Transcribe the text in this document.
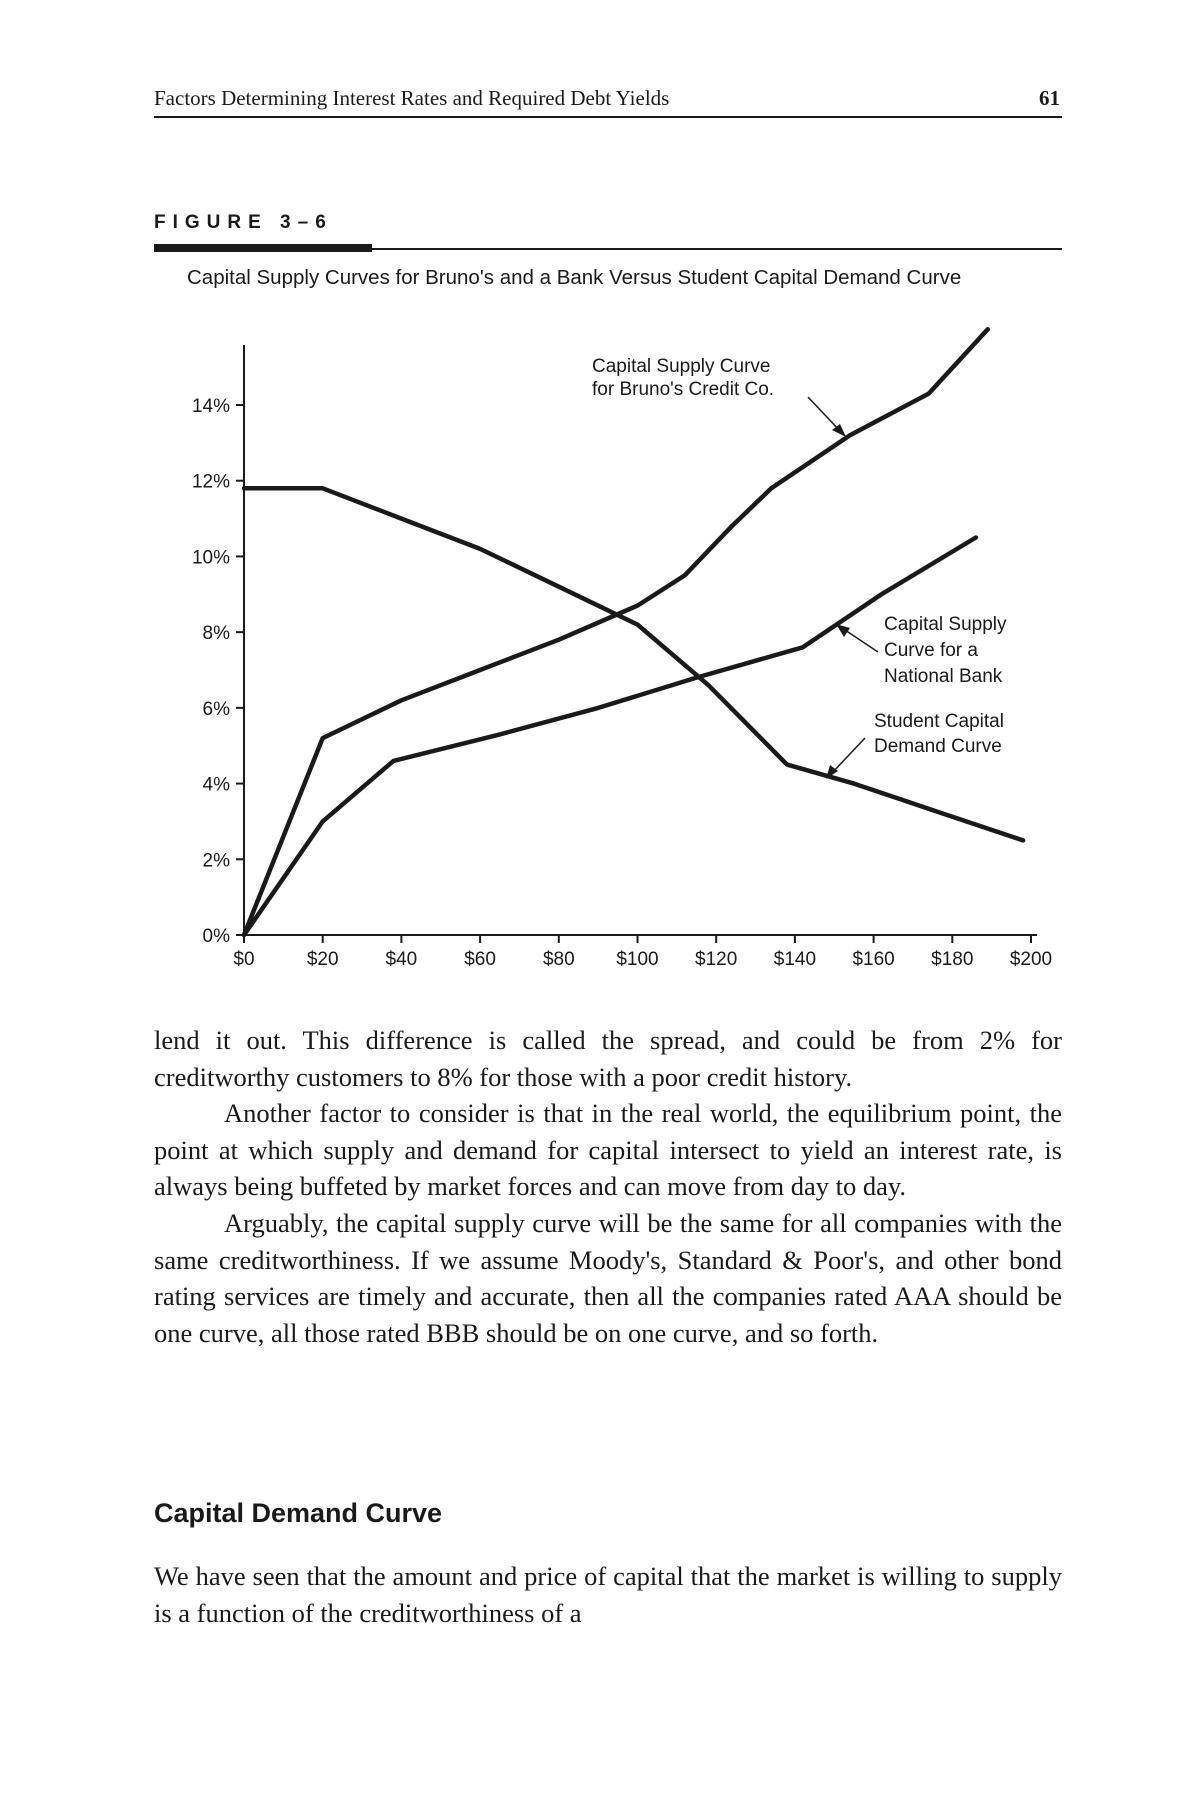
Factors Determining Interest Rates and Required Debt Yields	61
FIGURE 3–6
Capital Supply Curves for Bruno's and a Bank Versus Student Capital Demand Curve
0%
2%
4%
6%
8%
10%
12%
14%
$0	$20 $40 $60 $80 $100 $120 $140 $160 $180 $200
Capital Supply Curve
for Bruno's Credit Co.
Capital Supply
Curve for a
National Bank
Student Capital
Demand Curve

lend it out. This difference is called the spread, and could be from 2% for creditworthy customers to 8% for those with a poor credit history.

Another factor to consider is that in the real world, the equilibrium point, the point at which supply and demand for capital intersect to yield an interest rate, is always being buffeted by market forces and can move from day to day.

Arguably, the capital supply curve will be the same for all companies with the same creditworthiness. If we assume Moody's, Standard & Poor's, and other bond rating services are timely and accurate, then all the companies rated AAA should be one curve, all those rated BBB should be on one curve, and so forth.

Capital Demand Curve

We have seen that the amount and price of capital that the market is willing to supply is a function of the creditworthiness of a
